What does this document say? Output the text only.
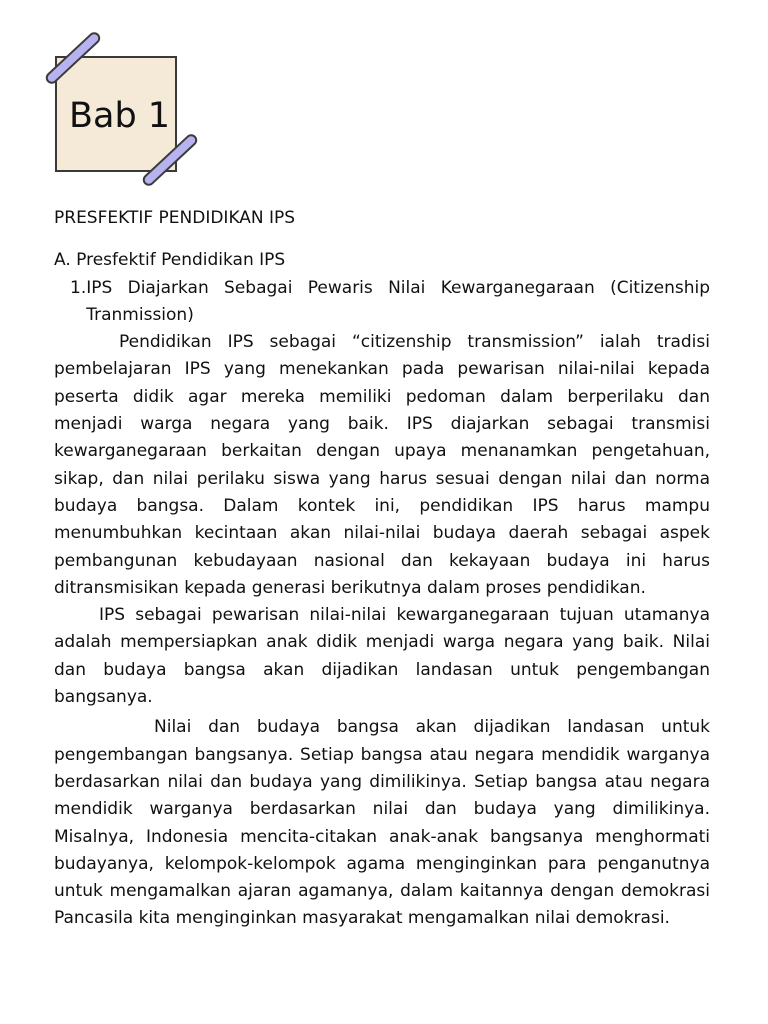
Bab 1
PRESFEKTIF PENDIDIKAN IPS
A. Presfektif Pendidikan IPS
1. IPS Diajarkan Sebagai Pewaris Nilai Kewarganegaraan (Citizenship Tranmission)

Pendidikan IPS sebagai “citizenship transmission” ialah tradisi pembelajaran IPS yang menekankan pada pewarisan nilai-nilai kepada peserta didik agar mereka memiliki pedoman dalam berperilaku dan menjadi warga negara yang baik. IPS diajarkan sebagai transmisi kewarganegaraan berkaitan dengan upaya menanamkan pengetahuan, sikap, dan nilai perilaku siswa yang harus sesuai dengan nilai dan norma budaya bangsa. Dalam kontek ini, pendidikan IPS harus mampu menumbuhkan kecintaan akan nilai-nilai budaya daerah sebagai aspek pembangunan kebudayaan nasional dan kekayaan budaya ini harus ditransmisikan kepada generasi berikutnya dalam proses pendidikan.

IPS sebagai pewarisan nilai-nilai kewarganegaraan tujuan utamanya adalah mempersiapkan anak didik menjadi warga negara yang baik. Nilai dan budaya bangsa akan dijadikan landasan untuk pengembangan bangsanya.

Nilai dan budaya bangsa akan dijadikan landasan untuk pengembangan bangsanya. Setiap bangsa atau negara mendidik warganya berdasarkan nilai dan budaya yang dimilikinya. Setiap bangsa atau negara mendidik warganya berdasarkan nilai dan budaya yang dimilikinya. Misalnya, Indonesia mencita-citakan anak-anak bangsanya menghormati budayanya, kelompok-kelompok agama menginginkan para penganutnya untuk mengamalkan ajaran agamanya, dalam kaitannya dengan demokrasi Pancasila kita menginginkan masyarakat mengamalkan nilai demokrasi.
